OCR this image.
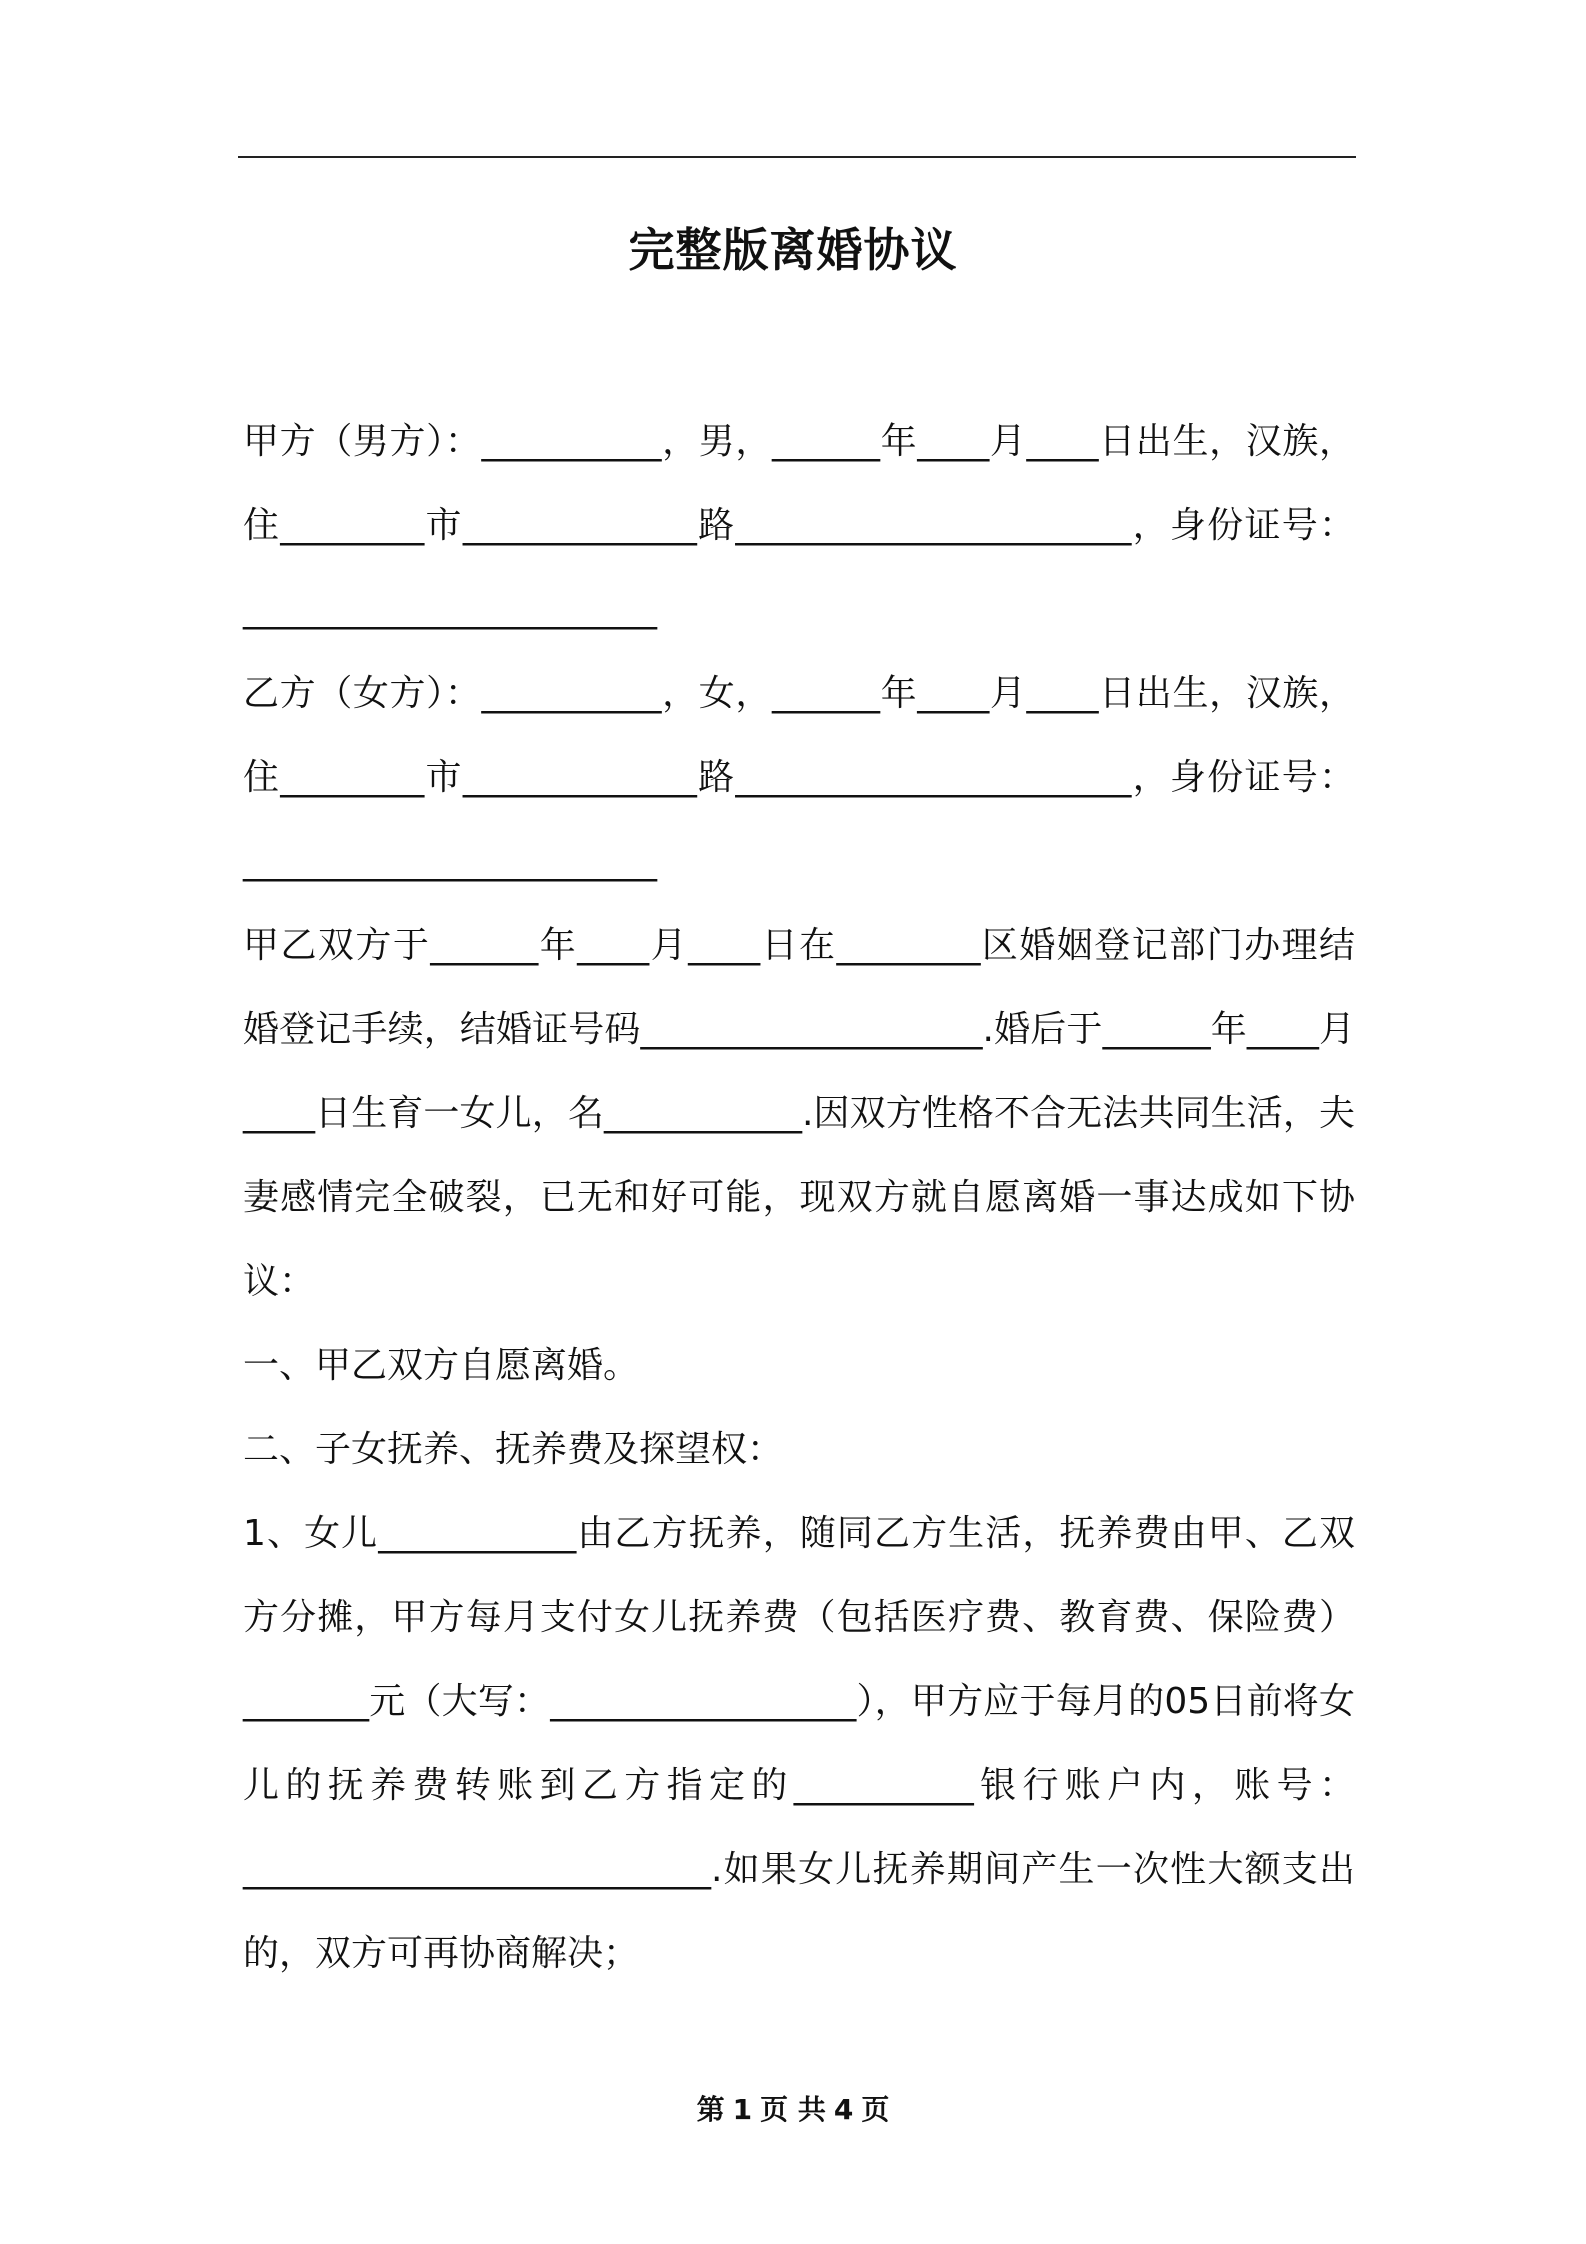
完整版离婚协议

甲方（男方）：__________，男，______年____月____日出生，汉族，住________市_____________路______________________，身份证号：_______________________

乙方（女方）：__________，女，______年____月____日出生，汉族，住________市_____________路______________________，身份证号：_______________________

甲乙双方于______年____月____日在________区婚姻登记部门办理结婚登记手续，结婚证号码___________________.婚后于______年____月____日生育一女儿，名___________.因双方性格不合无法共同生活，夫妻感情完全破裂，已无和好可能，现双方就自愿离婚一事达成如下协议：

一、甲乙双方自愿离婚。

二、子女抚养、抚养费及探望权：

1、女儿___________由乙方抚养，随同乙方生活，抚养费由甲、乙双方分摊，甲方每月支付女儿抚养费（包括医疗费、教育费、保险费）_______元（大写：_________________），甲方应于每月的05日前将女儿的抚养费转账到乙方指定的__________银行账户内，账号：__________________________.如果女儿抚养期间产生一次性大额支出的，双方可再协商解决；

第 1 页 共 4 页
